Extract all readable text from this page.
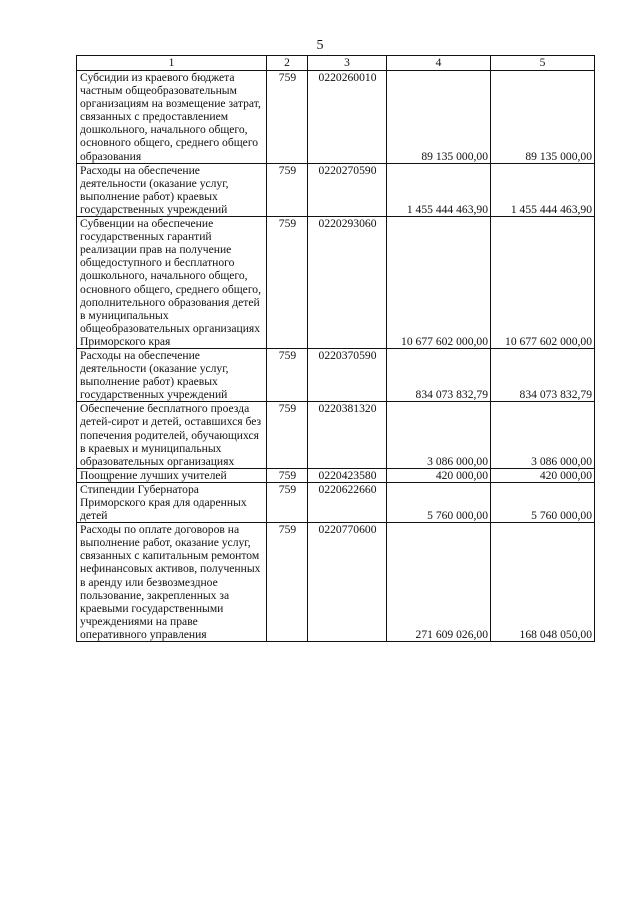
5
1	2	3	4	5
Субсидии из краевого бюджета частным общеобразовательным организациям на возмещение затрат, связанных с предоставлением дошкольного, начального общего, основного общего, среднего общего образования	759	0220260010	89 135 000,00	89 135 000,00
Расходы на обеспечение деятельности (оказание услуг, выполнение работ) краевых государственных учреждений	759	0220270590	1 455 444 463,90	1 455 444 463,90
Субвенции на обеспечение государственных гарантий реализации прав на получение общедоступного и бесплатного дошкольного, начального общего, основного общего, среднего общего, дополнительного образования детей в муниципальных общеобразовательных организациях Приморского края	759	0220293060	10 677 602 000,00	10 677 602 000,00
Расходы на обеспечение деятельности (оказание услуг, выполнение работ) краевых государственных учреждений	759	0220370590	834 073 832,79	834 073 832,79
Обеспечение бесплатного проезда детей-сирот и детей, оставшихся без попечения родителей, обучающихся в краевых и муниципальных образовательных организациях	759	0220381320	3 086 000,00	3 086 000,00
Поощрение лучших учителей	759	0220423580	420 000,00	420 000,00
Стипендии Губернатора Приморского края для одаренных детей	759	0220622660	5 760 000,00	5 760 000,00
Расходы по оплате договоров на выполнение работ, оказание услуг, связанных с капитальным ремонтом нефинансовых активов, полученных в аренду или безвозмездное пользование, закрепленных за краевыми государственными учреждениями на праве оперативного управления	759	0220770600	271 609 026,00	168 048 050,00
